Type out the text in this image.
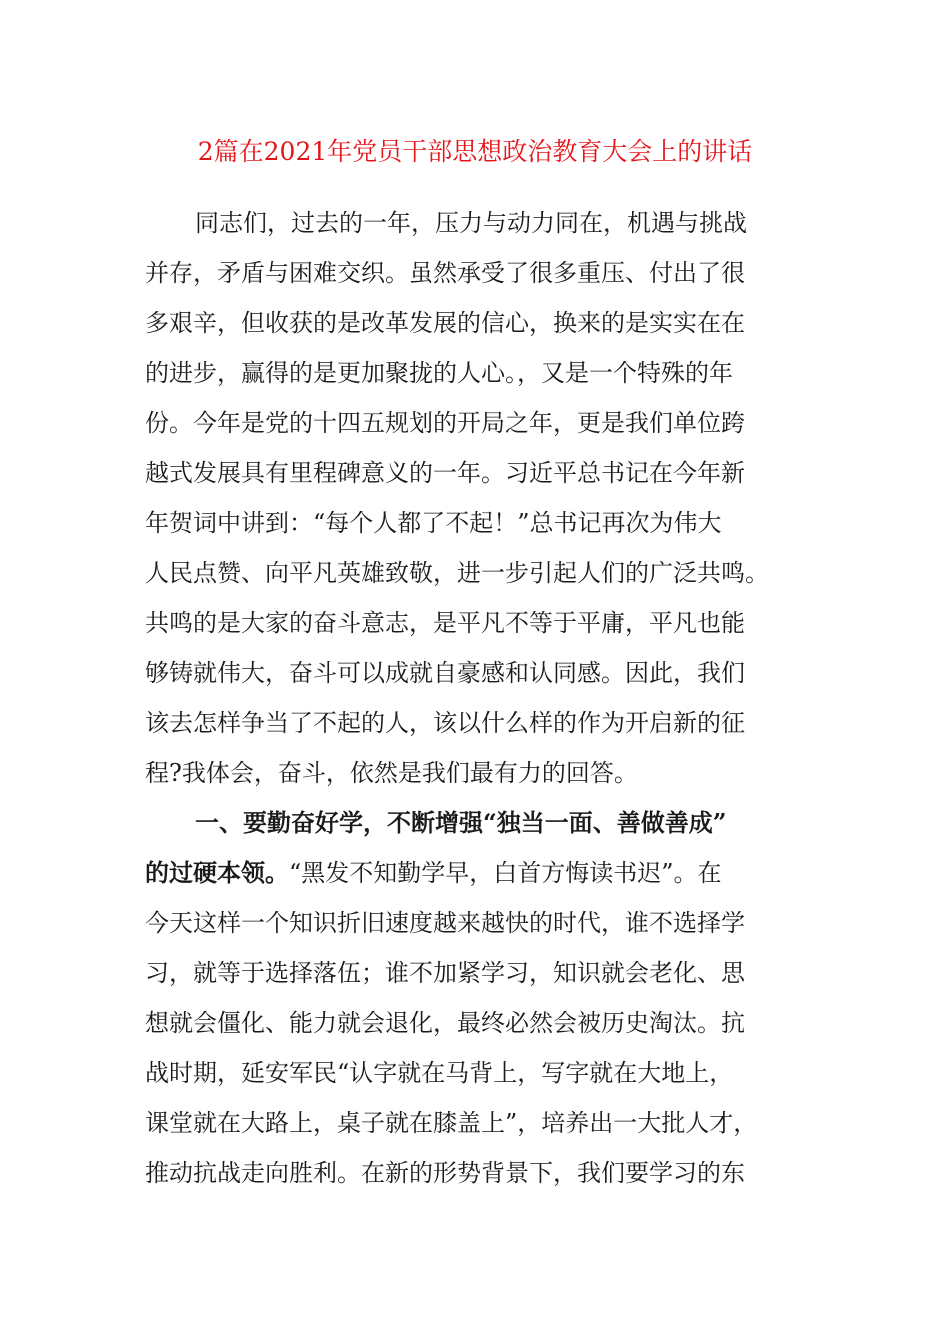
2篇在2021年党员干部思想政治教育大会上的讲话
同志们，过去的一年，压力与动力同在，机遇与挑战
并存，矛盾与困难交织。虽然承受了很多重压、付出了很
多艰辛，但收获的是改革发展的信心，换来的是实实在在
的进步，赢得的是更加聚拢的人心。，又是一个特殊的年
份。今年是党的十四五规划的开局之年，更是我们单位跨
越式发展具有里程碑意义的一年。习近平总书记在今年新
年贺词中讲到：“每个人都了不起！”总书记再次为伟大
人民点赞、向平凡英雄致敬，进一步引起人们的广泛共鸣。
共鸣的是大家的奋斗意志，是平凡不等于平庸，平凡也能
够铸就伟大，奋斗可以成就自豪感和认同感。因此，我们
该去怎样争当了不起的人，该以什么样的作为开启新的征
程?我体会，奋斗，依然是我们最有力的回答。
一、要勤奋好学，不断增强“独当一面、善做善成”
的过硬本领。“黑发不知勤学早，白首方悔读书迟”。在
今天这样一个知识折旧速度越来越快的时代，谁不选择学
习，就等于选择落伍；谁不加紧学习，知识就会老化、思
想就会僵化、能力就会退化，最终必然会被历史淘汰。抗
战时期，延安军民“认字就在马背上，写字就在大地上，
课堂就在大路上，桌子就在膝盖上”，培养出一大批人才，
推动抗战走向胜利。在新的形势背景下，我们要学习的东
